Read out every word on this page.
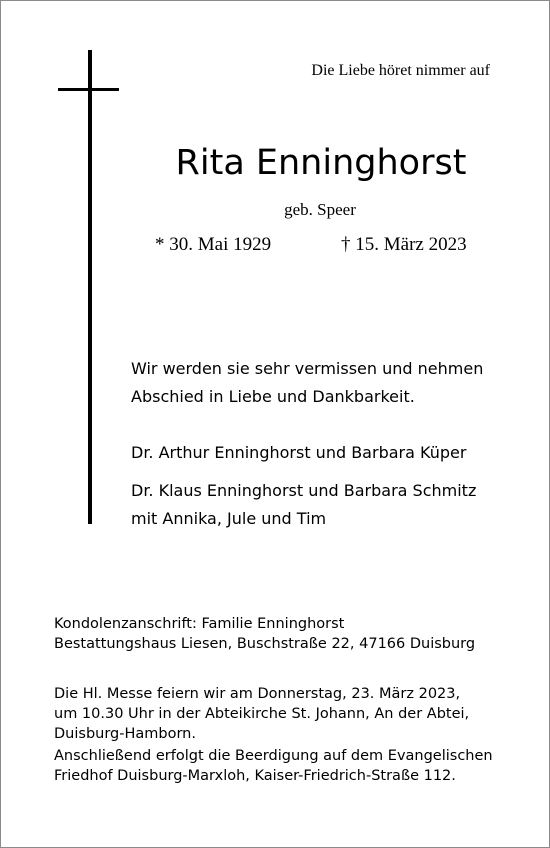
Die Liebe höret nimmer auf
Rita Enninghorst
geb. Speer
* 30. Mai 1929	† 15. März 2023
Wir werden sie sehr vermissen und nehmen
Abschied in Liebe und Dankbarkeit.
Dr. Arthur Enninghorst und Barbara Küper
Dr. Klaus Enninghorst und Barbara Schmitz
mit Annika, Jule und Tim
Kondolenzanschrift: Familie Enninghorst
Bestattungshaus Liesen, Buschstraße 22, 47166 Duisburg
Die Hl. Messe feiern wir am Donnerstag, 23. März 2023,
um 10.30 Uhr in der Abteikirche St. Johann, An der Abtei,
Duisburg-Hamborn.
Anschließend erfolgt die Beerdigung auf dem Evangelischen
Friedhof Duisburg-Marxloh, Kaiser-Friedrich-Straße 112.
